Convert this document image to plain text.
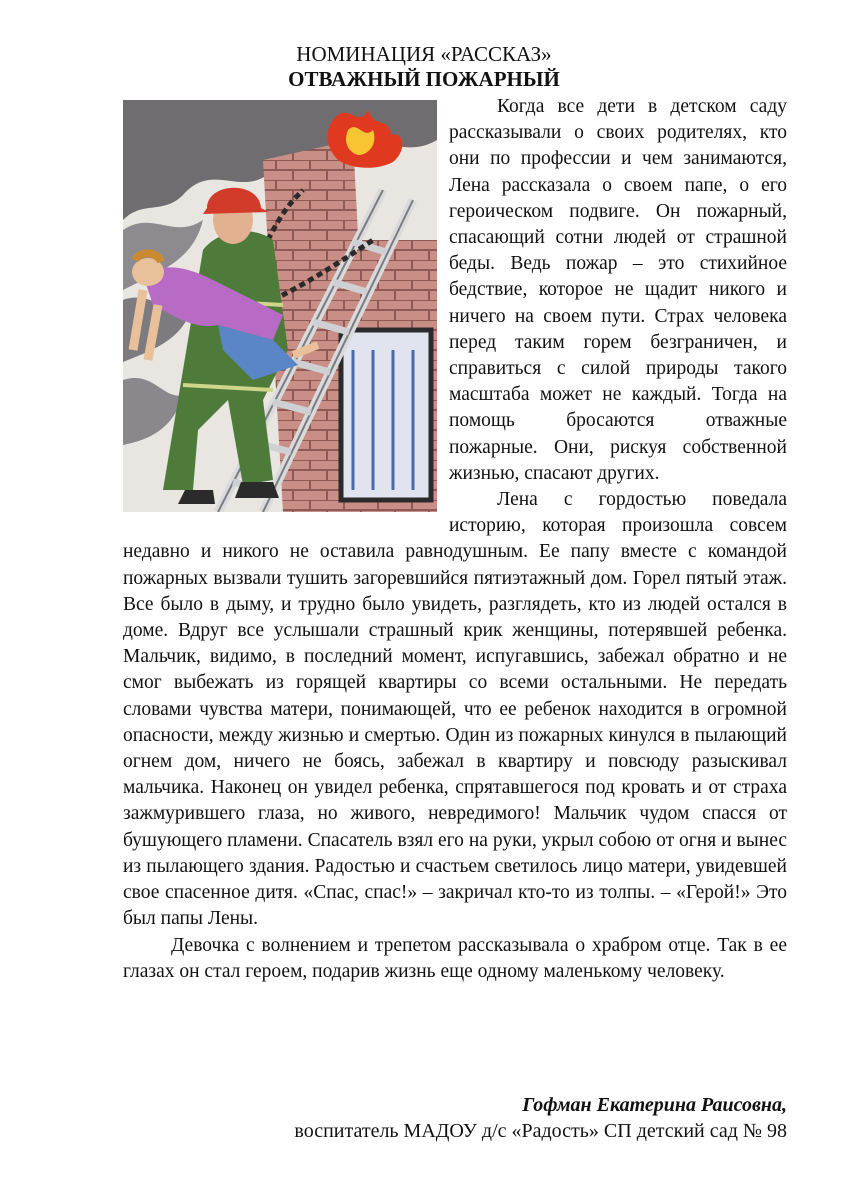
НОМИНАЦИЯ «РАССКАЗ»
ОТВАЖНЫЙ ПОЖАРНЫЙ

Когда все дети в детском саду рассказывали о своих родителях, кто они по профессии и чем занимаются, Лена рассказала о своем папе, о его героическом подвиге. Он пожарный, спасающий сотни людей от страшной беды. Ведь пожар – это стихийное бедствие, которое не щадит никого и ничего на своем пути. Страх человека перед таким горем безграничен, и справиться с силой природы такого масштаба может не каждый. Тогда на помощь бросаются отважные пожарные. Они, рискуя собственной жизнью, спасают других.

Лена с гордостью поведала историю, которая произошла совсем недавно и никого не оставила равнодушным. Ее папу вместе с командой пожарных вызвали тушить загоревшийся пятиэтажный дом. Горел пятый этаж. Все было в дыму, и трудно было увидеть, разглядеть, кто из людей остался в доме. Вдруг все услышали страшный крик женщины, потерявшей ребенка. Мальчик, видимо, в последний момент, испугавшись, забежал обратно и не смог выбежать из горящей квартиры со всеми остальными. Не передать словами чувства матери, понимающей, что ее ребенок находится в огромной опасности, между жизнью и смертью. Один из пожарных кинулся в пылающий огнем дом, ничего не боясь, забежал в квартиру и повсюду разыскивал мальчика. Наконец он увидел ребенка, спрятавшегося под кровать и от страха зажмурившего глаза, но живого, невредимого! Мальчик чудом спасся от бушующего пламени. Спасатель взял его на руки, укрыл собою от огня и вынес из пылающего здания. Радостью и счастьем светилось лицо матери, увидевшей свое спасенное дитя. «Спас, спас!» – закричал кто-то из толпы. – «Герой!» Это был папы Лены.

Девочка с волнением и трепетом рассказывала о храбром отце. Так в ее глазах он стал героем, подарив жизнь еще одному маленькому человеку.

Гофман Екатерина Раисовна,
воспитатель МАДОУ д/с «Радость» СП детский сад № 98
